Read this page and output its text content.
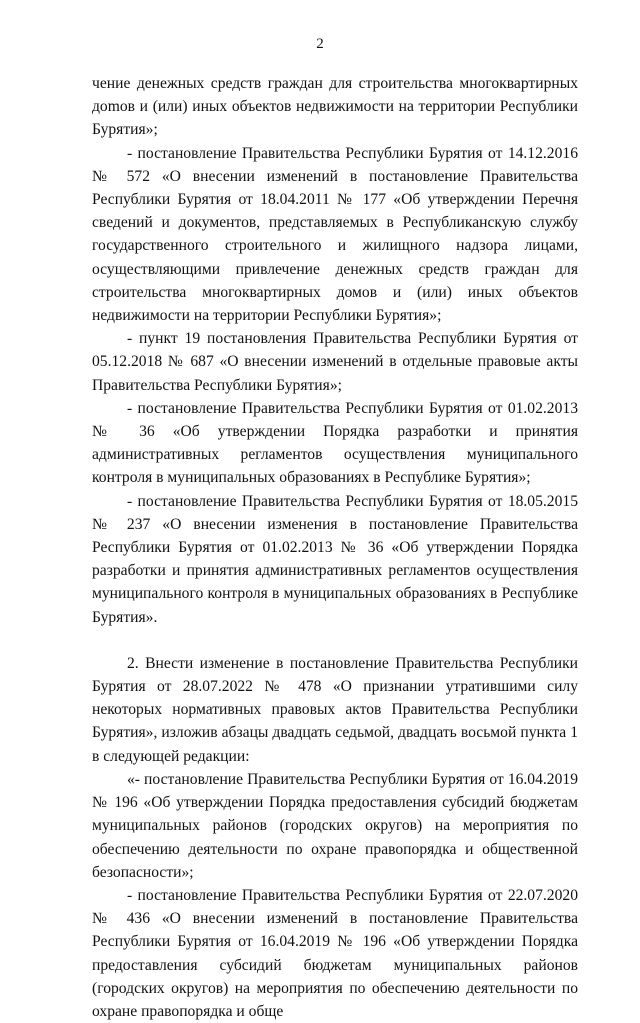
2

чение денежных средств граждан для строительства многоквартирных доmов и (или) иных объектов недвижимости на территории Республики Бурятия»;

- постановление Правительства Республики Бурятия от 14.12.2016 № 572 «О внесении изменений в постановление Правительства Республики Бурятия от 18.04.2011 № 177 «Об утверждении Перечня сведений и документов, представляемых в Республиканскую службу государственного строительного и жилищного надзора лицами, осуществляющими привлечение денежных средств граждан для строительства многоквартирных домов и (или) иных объектов недвижимости на территории Республики Бурятия»;

- пункт 19 постановления Правительства Республики Бурятия от 05.12.2018 № 687 «О внесении изменений в отдельные правовые акты Правительства Республики Бурятия»;

- постановление Правительства Республики Бурятия от 01.02.2013 № 36 «Об утверждении Порядка разработки и принятия административных регламентов осуществления муниципального контроля в муниципальных образованиях в Республике Бурятия»;

- постановление Правительства Республики Бурятия от 18.05.2015 № 237 «О внесении изменения в постановление Правительства Республики Бурятия от 01.02.2013 № 36 «Об утверждении Порядка разработки и принятия административных регламентов осуществления муниципального контроля в муниципальных образованиях в Республике Бурятия».

2. Внести изменение в постановление Правительства Республики Бурятия от 28.07.2022 № 478 «О признании утратившими силу некоторых нормативных правовых актов Правительства Республики Бурятия», изложив абзацы двадцать седьмой, двадцать восьмой пункта 1 в следующей редакции:

«- постановление Правительства Республики Бурятия от 16.04.2019 № 196 «Об утверждении Порядка предоставления субсидий бюджетам муниципальных районов (городских округов) на мероприятия по обеспечению деятельности по охране правопорядка и общественной безопасности»;

- постановление Правительства Республики Бурятия от 22.07.2020 № 436 «О внесении изменений в постановление Правительства Республики Бурятия от 16.04.2019 № 196 «Об утверждении Порядка предоставления субсидий бюджетам муниципальных районов (городских округов) на мероприятия по обеспечению деятельности по охране правопорядка и обще
